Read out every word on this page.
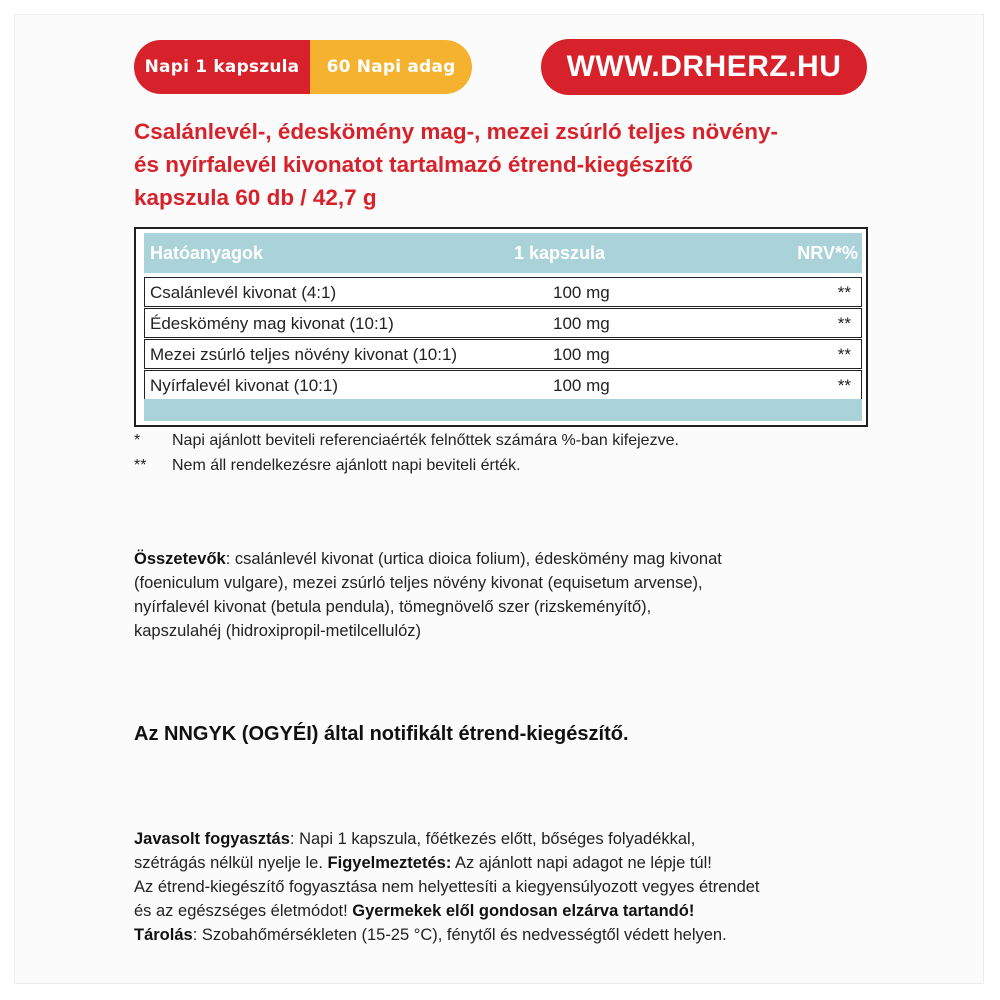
Napi 1 kapszula	60 Napi adag	WWW.DRHERZ.HU
Csalánlevél-, édeskömény mag-, mezei zsúrló teljes növény-
és nyírfalevél kivonatot tartalmazó étrend-kiegészítő
kapszula 60 db / 42,7 g
Hatóanyagok	1 kapszula	NRV*%
Csalánlevél kivonat (4:1)	100 mg	**
Édeskömény mag kivonat (10:1)	100 mg	**
Mezei zsúrló teljes növény kivonat (10:1)	100 mg	**
Nyírfalevél kivonat (10:1)	100 mg	**
* Napi ajánlott beviteli referenciaérték felnőttek számára %-ban kifejezve.
** Nem áll rendelkezésre ajánlott napi beviteli érték.
Összetevők: csalánlevél kivonat (urtica dioica folium), édeskömény mag kivonat
(foeniculum vulgare), mezei zsúrló teljes növény kivonat (equisetum arvense),
nyírfalevél kivonat (betula pendula), tömegnövelő szer (rizskeményítő),
kapszulahéj (hidroxipropil-metilcellulóz)
Az NNGYK (OGYÉI) által notifikált étrend-kiegészítő.
Javasolt fogyasztás: Napi 1 kapszula, főétkezés előtt, bőséges folyadékkal,
szétrágás nélkül nyelje le. Figyelmeztetés: Az ajánlott napi adagot ne lépje túl!
Az étrend-kiegészítő fogyasztása nem helyettesíti a kiegyensúlyozott vegyes étrendet
és az egészséges életmódot! Gyermekek elől gondosan elzárva tartandó!
Tárolás: Szobahőmérsékleten (15-25 °C), fénytől és nedvességtől védett helyen.
